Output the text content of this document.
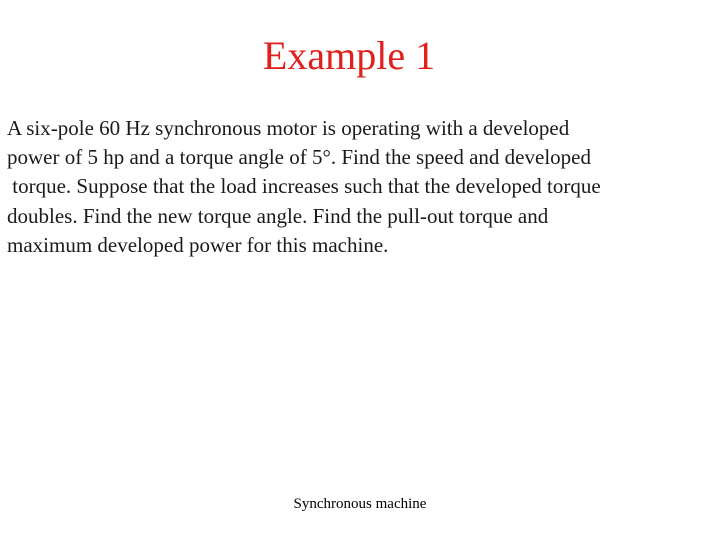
Example 1

A six-pole 60 Hz synchronous motor is operating with a developed
power of 5 hp and a torque angle of 5°. Find the speed and developed
torque. Suppose that the load increases such that the developed torque
doubles. Find the new torque angle. Find the pull-out torque and
maximum developed power for this machine.

Synchronous machine
